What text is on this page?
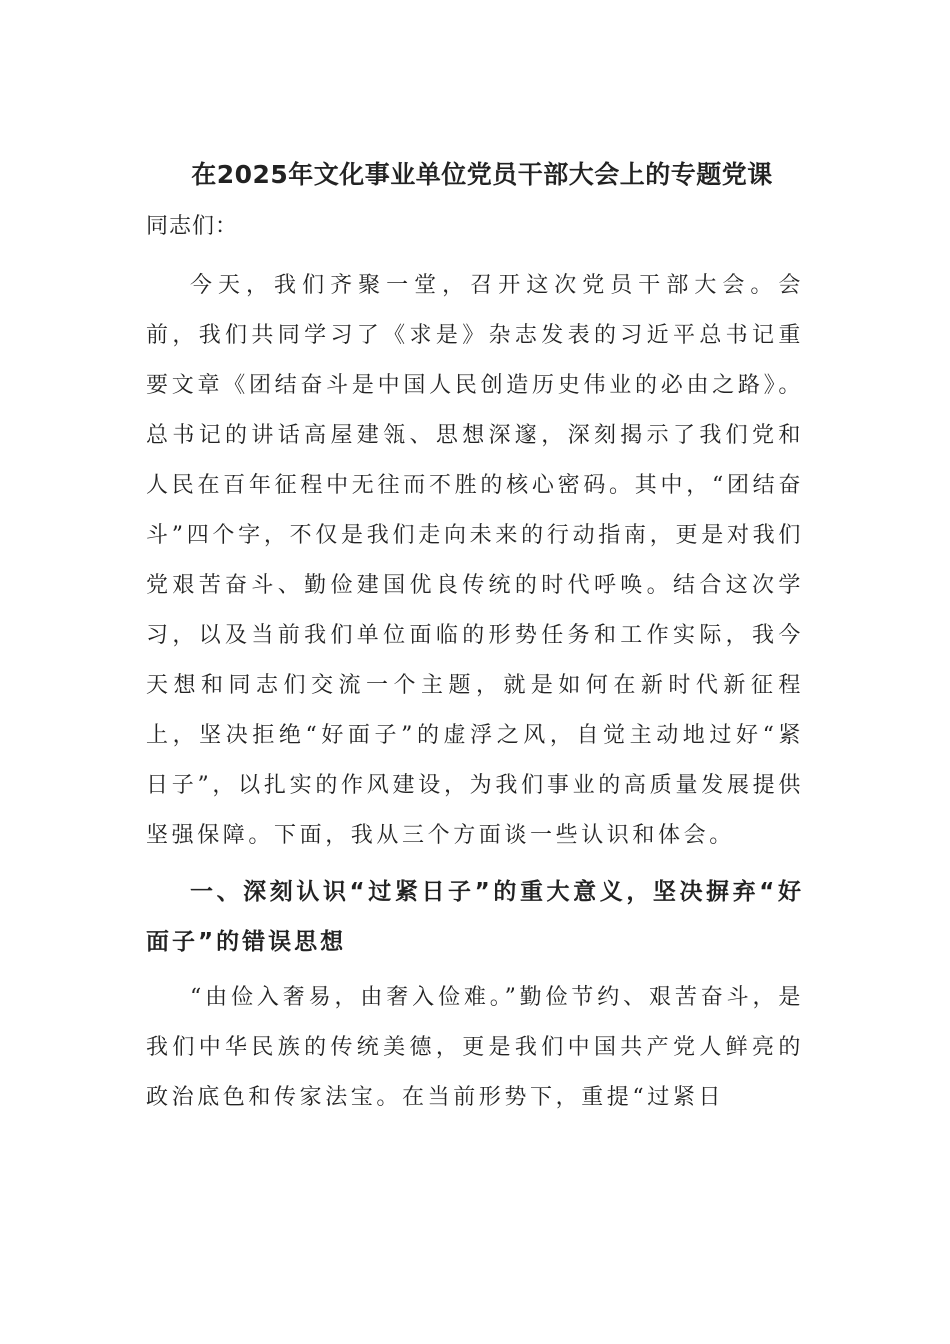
在2025年文化事业单位党员干部大会上的专题党课

同志们：

今天，我们齐聚一堂，召开这次党员干部大会。会前，我们共同学习了《求是》杂志发表的习近平总书记重要文章《团结奋斗是中国人民创造历史伟业的必由之路》。总书记的讲话高屋建瓴、思想深邃，深刻揭示了我们党和人民在百年征程中无往而不胜的核心密码。其中，“团结奋斗”四个字，不仅是我们走向未来的行动指南，更是对我们党艰苦奋斗、勤俭建国优良传统的时代呼唤。结合这次学习，以及当前我们单位面临的形势任务和工作实际，我今天想和同志们交流一个主题，就是如何在新时代新征程上，坚决拒绝“好面子”的虚浮之风，自觉主动地过好“紧日子”，以扎实的作风建设，为我们事业的高质量发展提供坚强保障。下面，我从三个方面谈一些认识和体会。

一、深刻认识“过紧日子”的重大意义，坚决摒弃“好面子”的错误思想

“由俭入奢易，由奢入俭难。”勤俭节约、艰苦奋斗，是我们中华民族的传统美德，更是我们中国共产党人鲜亮的政治底色和传家法宝。在当前形势下，重提“过紧日
